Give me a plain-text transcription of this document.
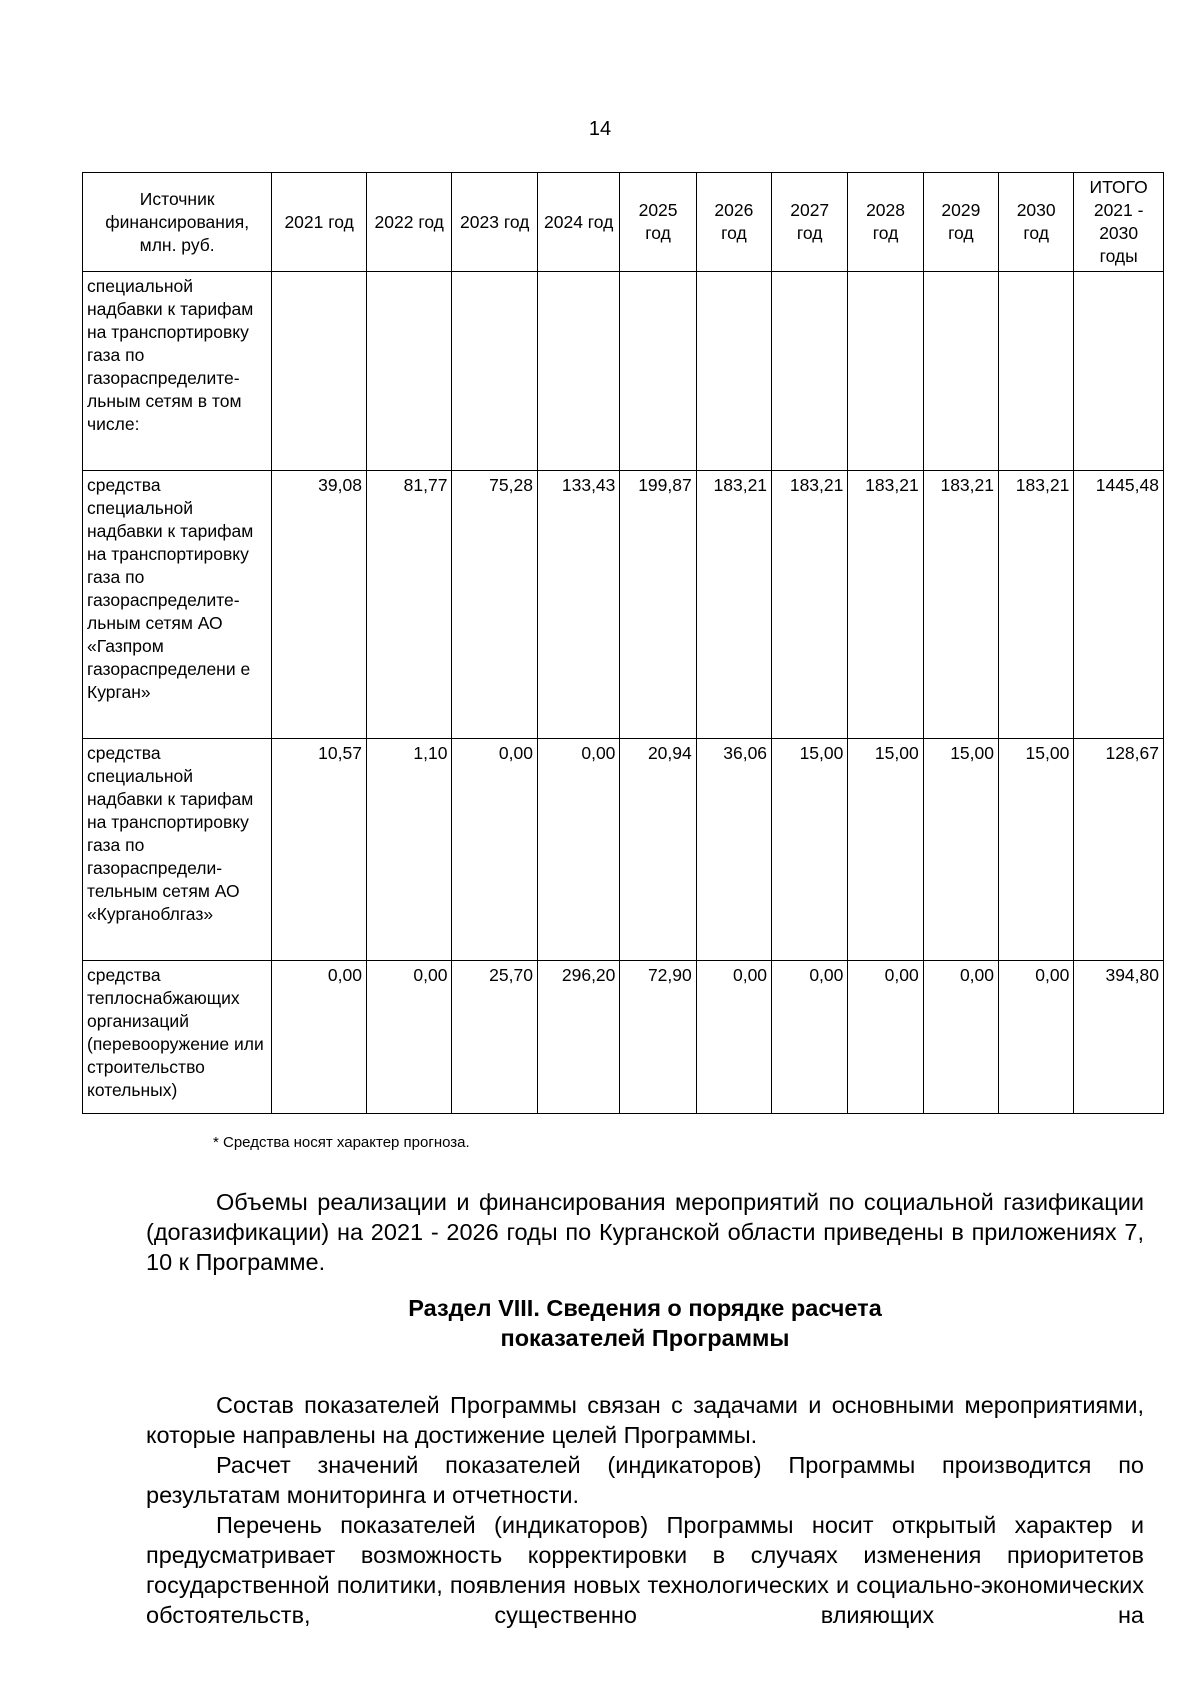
14
Источник финансирования, млн. руб.	2021 год	2022 год	2023 год	2024 год	2025 год	2026 год	2027 год	2028 год	2029 год	2030 год	ИТОГО 2021 - 2030 годы
специальной надбавки к тарифам на транспортировку газа по газораспределите-льным сетям в том числе:											
средства специальной надбавки к тарифам на транспортировку газа по газораспределите-льным сетям АО «Газпром газораспределени е Курган»	39,08	81,77	75,28	133,43	199,87	183,21	183,21	183,21	183,21	183,21	1445,48
средства специальной надбавки к тарифам на транспортировку газа по газораспредели-тельным сетям АО «Курганоблгаз»	10,57	1,10	0,00	0,00	20,94	36,06	15,00	15,00	15,00	15,00	128,67
средства теплоснабжающих организаций (перевооружение или строительство котельных)	0,00	0,00	25,70	296,20	72,90	0,00	0,00	0,00	0,00	0,00	394,80
* Средства носят характер прогноза.

Объемы реализации и финансирования мероприятий по социальной газификации (догазификации) на 2021 - 2026 годы по Курганской области приведены в приложениях 7, 10 к Программе.

Раздел VIII. Сведения о порядке расчета
показателей Программы

Состав показателей Программы связан с задачами и основными мероприятиями, которые направлены на достижение целей Программы.

Расчет значений показателей (индикаторов) Программы производится по результатам мониторинга и отчетности.

Перечень показателей (индикаторов) Программы носит открытый характер и предусматривает возможность корректировки в случаях изменения приоритетов государственной политики, появления новых технологических и социально-экономических обстоятельств, существенно влияющих на
